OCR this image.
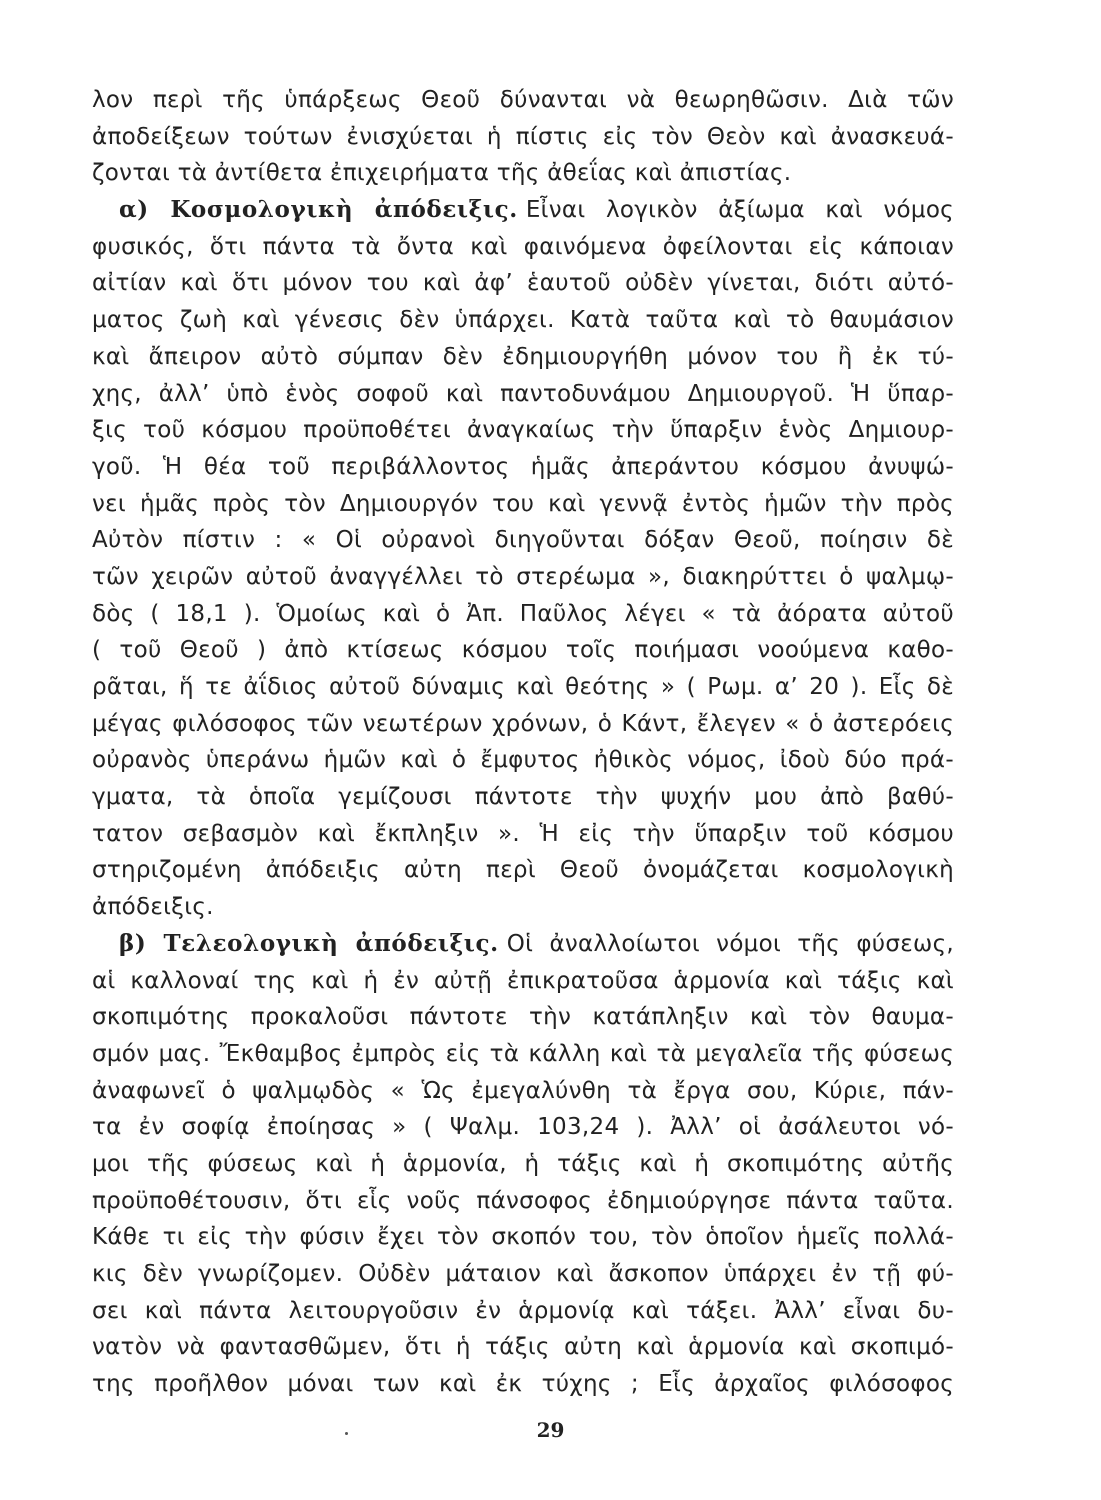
λον περὶ τῆς ὑπάρξεως Θεοῦ δύνανται νὰ θεωρηθῶσιν. Διὰ τῶν
ἀποδείξεων τούτων ἐνισχύεται ἡ πίστις εἰς τὸν Θεὸν καὶ ἀνασκευά-
ζονται τὰ ἀντίθετα ἐπιχειρήματα τῆς ἀθεΐας καὶ ἀπιστίας.
α) Κοσμολογικὴ ἀπόδειξις. Εἶναι λογικὸν ἀξίωμα καὶ νόμος
φυσικός, ὅτι πάντα τὰ ὄντα καὶ φαινόμενα ὀφείλονται εἰς κάποιαν
αἰτίαν καὶ ὅτι μόνον του καὶ ἀφ’ ἑαυτοῦ οὐδὲν γίνεται, διότι αὐτό-
ματος ζωὴ καὶ γένεσις δὲν ὑπάρχει. Κατὰ ταῦτα καὶ τὸ θαυμάσιον
καὶ ἄπειρον αὐτὸ σύμπαν δὲν ἐδημιουργήθη μόνον του ἢ ἐκ τύ-
χης, ἀλλ’ ὑπὸ ἑνὸς σοφοῦ καὶ παντοδυνάμου Δημιουργοῦ. Ἡ ὕπαρ-
ξις τοῦ κόσμου προϋποθέτει ἀναγκαίως τὴν ὕπαρξιν ἑνὸς Δημιουρ-
γοῦ. Ἡ θέα τοῦ περιβάλλοντος ἡμᾶς ἀπεράντου κόσμου ἀνυψώ-
νει ἡμᾶς πρὸς τὸν Δημιουργόν του καὶ γεννᾷ ἐντὸς ἡμῶν τὴν πρὸς
Αὐτὸν πίστιν : « Οἱ οὐρανοὶ διηγοῦνται δόξαν Θεοῦ, ποίησιν δὲ
τῶν χειρῶν αὐτοῦ ἀναγγέλλει τὸ στερέωμα », διακηρύττει ὁ ψαλμῳ-
δὸς ( 18,1 ). Ὁμοίως καὶ ὁ Ἀπ. Παῦλος λέγει « τὰ ἀόρατα αὐτοῦ
( τοῦ Θεοῦ ) ἀπὸ κτίσεως κόσμου τοῖς ποιήμασι νοούμενα καθο-
ρᾶται, ἥ τε ἀΐδιος αὐτοῦ δύναμις καὶ θεότης » ( Ρωμ. α’ 20 ). Εἷς δὲ
μέγας φιλόσοφος τῶν νεωτέρων χρόνων, ὁ Κάντ, ἔλεγεν « ὁ ἀστερόεις
οὐρανὸς ὑπεράνω ἡμῶν καὶ ὁ ἔμφυτος ἠθικὸς νόμος, ἰδοὺ δύο πρά-
γματα, τὰ ὁποῖα γεμίζουσι πάντοτε τὴν ψυχήν μου ἀπὸ βαθύ-
τατον σεβασμὸν καὶ ἔκπληξιν ». Ἡ εἰς τὴν ὕπαρξιν τοῦ κόσμου
στηριζομένη ἀπόδειξις αὐτη περὶ Θεοῦ ὀνομάζεται κοσμολογικὴ
ἀπόδειξις.
β) Τελεολογικὴ ἀπόδειξις. Οἱ ἀναλλοίωτοι νόμοι τῆς φύσεως,
αἱ καλλοναί της καὶ ἡ ἐν αὐτῇ ἐπικρατοῦσα ἁρμονία καὶ τάξις καὶ
σκοπιμότης προκαλοῦσι πάντοτε τὴν κατάπληξιν καὶ τὸν θαυμα-
σμόν μας. Ἔκθαμβος ἐμπρὸς εἰς τὰ κάλλη καὶ τὰ μεγαλεῖα τῆς φύσεως
ἀναφωνεῖ ὁ ψαλμῳδὸς « Ὡς ἐμεγαλύνθη τὰ ἔργα σου, Κύριε, πάν-
τα ἐν σοφίᾳ ἐποίησας » ( Ψαλμ. 103,24 ). Ἀλλ’ οἱ ἀσάλευτοι νό-
μοι τῆς φύσεως καὶ ἡ ἁρμονία, ἡ τάξις καὶ ἡ σκοπιμότης αὐτῆς
προϋποθέτουσιν, ὅτι εἷς νοῦς πάνσοφος ἐδημιούργησε πάντα ταῦτα.
Κάθε τι εἰς τὴν φύσιν ἔχει τὸν σκοπόν του, τὸν ὁποῖον ἡμεῖς πολλά-
κις δὲν γνωρίζομεν. Οὐδὲν μάταιον καὶ ἄσκοπον ὑπάρχει ἐν τῇ φύ-
σει καὶ πάντα λειτουργοῦσιν ἐν ἁρμονίᾳ καὶ τάξει. Ἀλλ’ εἶναι δυ-
νατὸν νὰ φαντασθῶμεν, ὅτι ἡ τάξις αὐτη καὶ ἁρμονία καὶ σκοπιμό-
της προῆλθον μόναι των καὶ ἐκ τύχης ; Εἷς ἀρχαῖος φιλόσοφος
29
